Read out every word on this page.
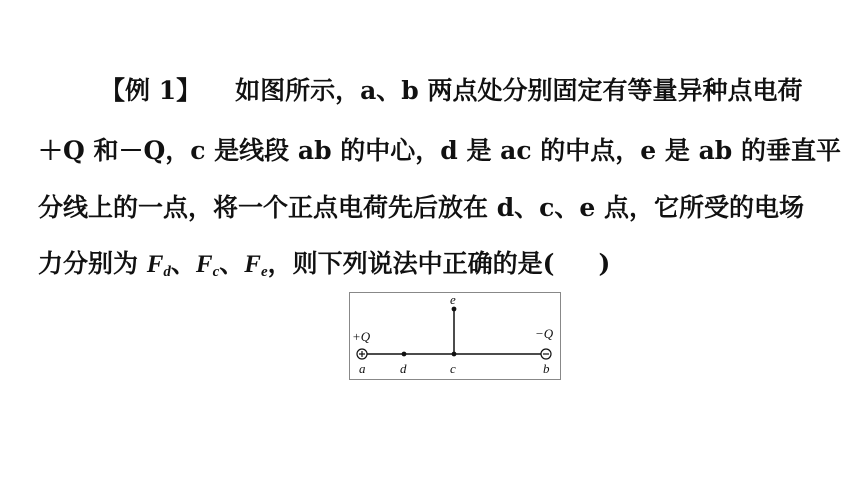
【例 1】 如图所示，a、b 两点处分别固定有等量异种点电荷
＋Q 和－Q，c 是线段 ab 的中心，d 是 ac 的中点，e 是 ab 的垂直平
分线上的一点，将一个正点电荷先后放在 d、c、e 点，它所受的电场
力分别为 $F_d$、$F_c$、$F_e$，则下列说法中正确的是( )
+Q	−Q
e
a	d	c	b
